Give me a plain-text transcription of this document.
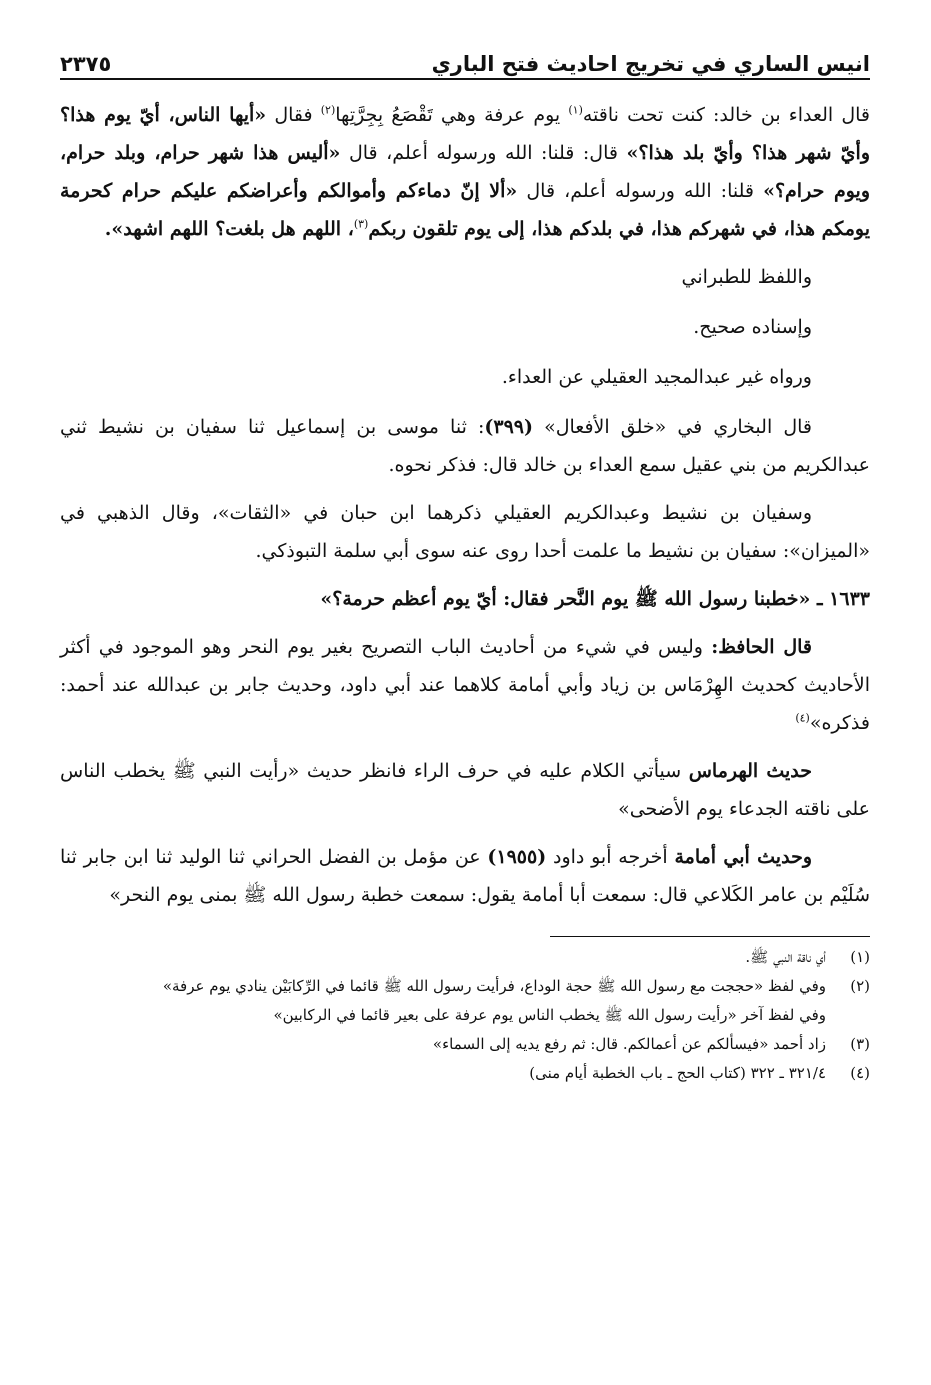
انيس الساري في تخريج احاديث فتح الباري
٢٣٧٥

قال العداء بن خالد: كنت تحت ناقته$^{(١)}$ يوم عرفة وهي تَقْصَعُ بِجِرَّتِها$^{(٢)}$ فقال «أيها الناس، أيّ يوم هذا؟ وأيّ شهر هذا؟ وأيّ بلد هذا؟» قال: قلنا: الله ورسوله أعلم، قال «أليس هذا شهر حرام، وبلد حرام، ويوم حرام؟» قلنا: الله ورسوله أعلم، قال «ألا إنّ دماءكم وأموالكم وأعراضكم عليكم حرام كحرمة يومكم هذا، في شهركم هذا، في بلدكم هذا، إلى يوم تلقون ربكم$^{(٣)}$، اللهم هل بلغت؟ اللهم اشهد».

واللفظ للطبراني

وإسناده صحيح.

ورواه غير عبدالمجيد العقيلي عن العداء.

قال البخاري في «خلق الأفعال» (٣٩٩): ثنا موسى بن إسماعيل ثنا سفيان بن نشيط ثني عبدالكريم من بني عقيل سمع العداء بن خالد قال: فذكر نحوه.

وسفيان بن نشيط وعبدالكريم العقيلي ذكرهما ابن حبان في «الثقات»، وقال الذهبي في «الميزان»: سفيان بن نشيط ما علمت أحدا روى عنه سوى أبي سلمة التبوذكي.

١٦٣٣ ـ «خطبنا رسول الله ﷺ يوم النَّحر فقال: أيّ يوم أعظم حرمة؟»

قال الحافظ: وليس في شيء من أحاديث الباب التصريح بغير يوم النحر وهو الموجود في أكثر الأحاديث كحديث الهِرْمَاس بن زياد وأبي أمامة كلاهما عند أبي داود، وحديث جابر بن عبدالله عند أحمد: فذكره»$^{(٤)}$

حديث الهرماس سيأتي الكلام عليه في حرف الراء فانظر حديث «رأيت النبي ﷺ يخطب الناس على ناقته الجدعاء يوم الأضحى»

وحديث أبي أمامة أخرجه أبو داود (١٩٥٥) عن مؤمل بن الفضل الحراني ثنا الوليد ثنا ابن جابر ثنا سُلَيْم بن عامر الكَلاعي قال: سمعت أبا أمامة يقول: سمعت خطبة رسول الله ﷺ بمنى يوم النحر»

(١)
أي ناقة النبي ﷺ.
(٢)
وفي لفظ «حججت مع رسول الله ﷺ حجة الوداع، فرأيت رسول الله ﷺ قائما في الرِّكابَيْن ينادي يوم عرفة»
وفي لفظ آخر «رأيت رسول الله ﷺ يخطب الناس يوم عرفة على بعير قائما في الركابين»
(٣)
زاد أحمد «فيسألكم عن أعمالكم. قال: ثم رفع يديه إلى السماء»
(٤)
٣٢١/٤ ـ ٣٢٢ (كتاب الحج ـ باب الخطبة أيام منى)
